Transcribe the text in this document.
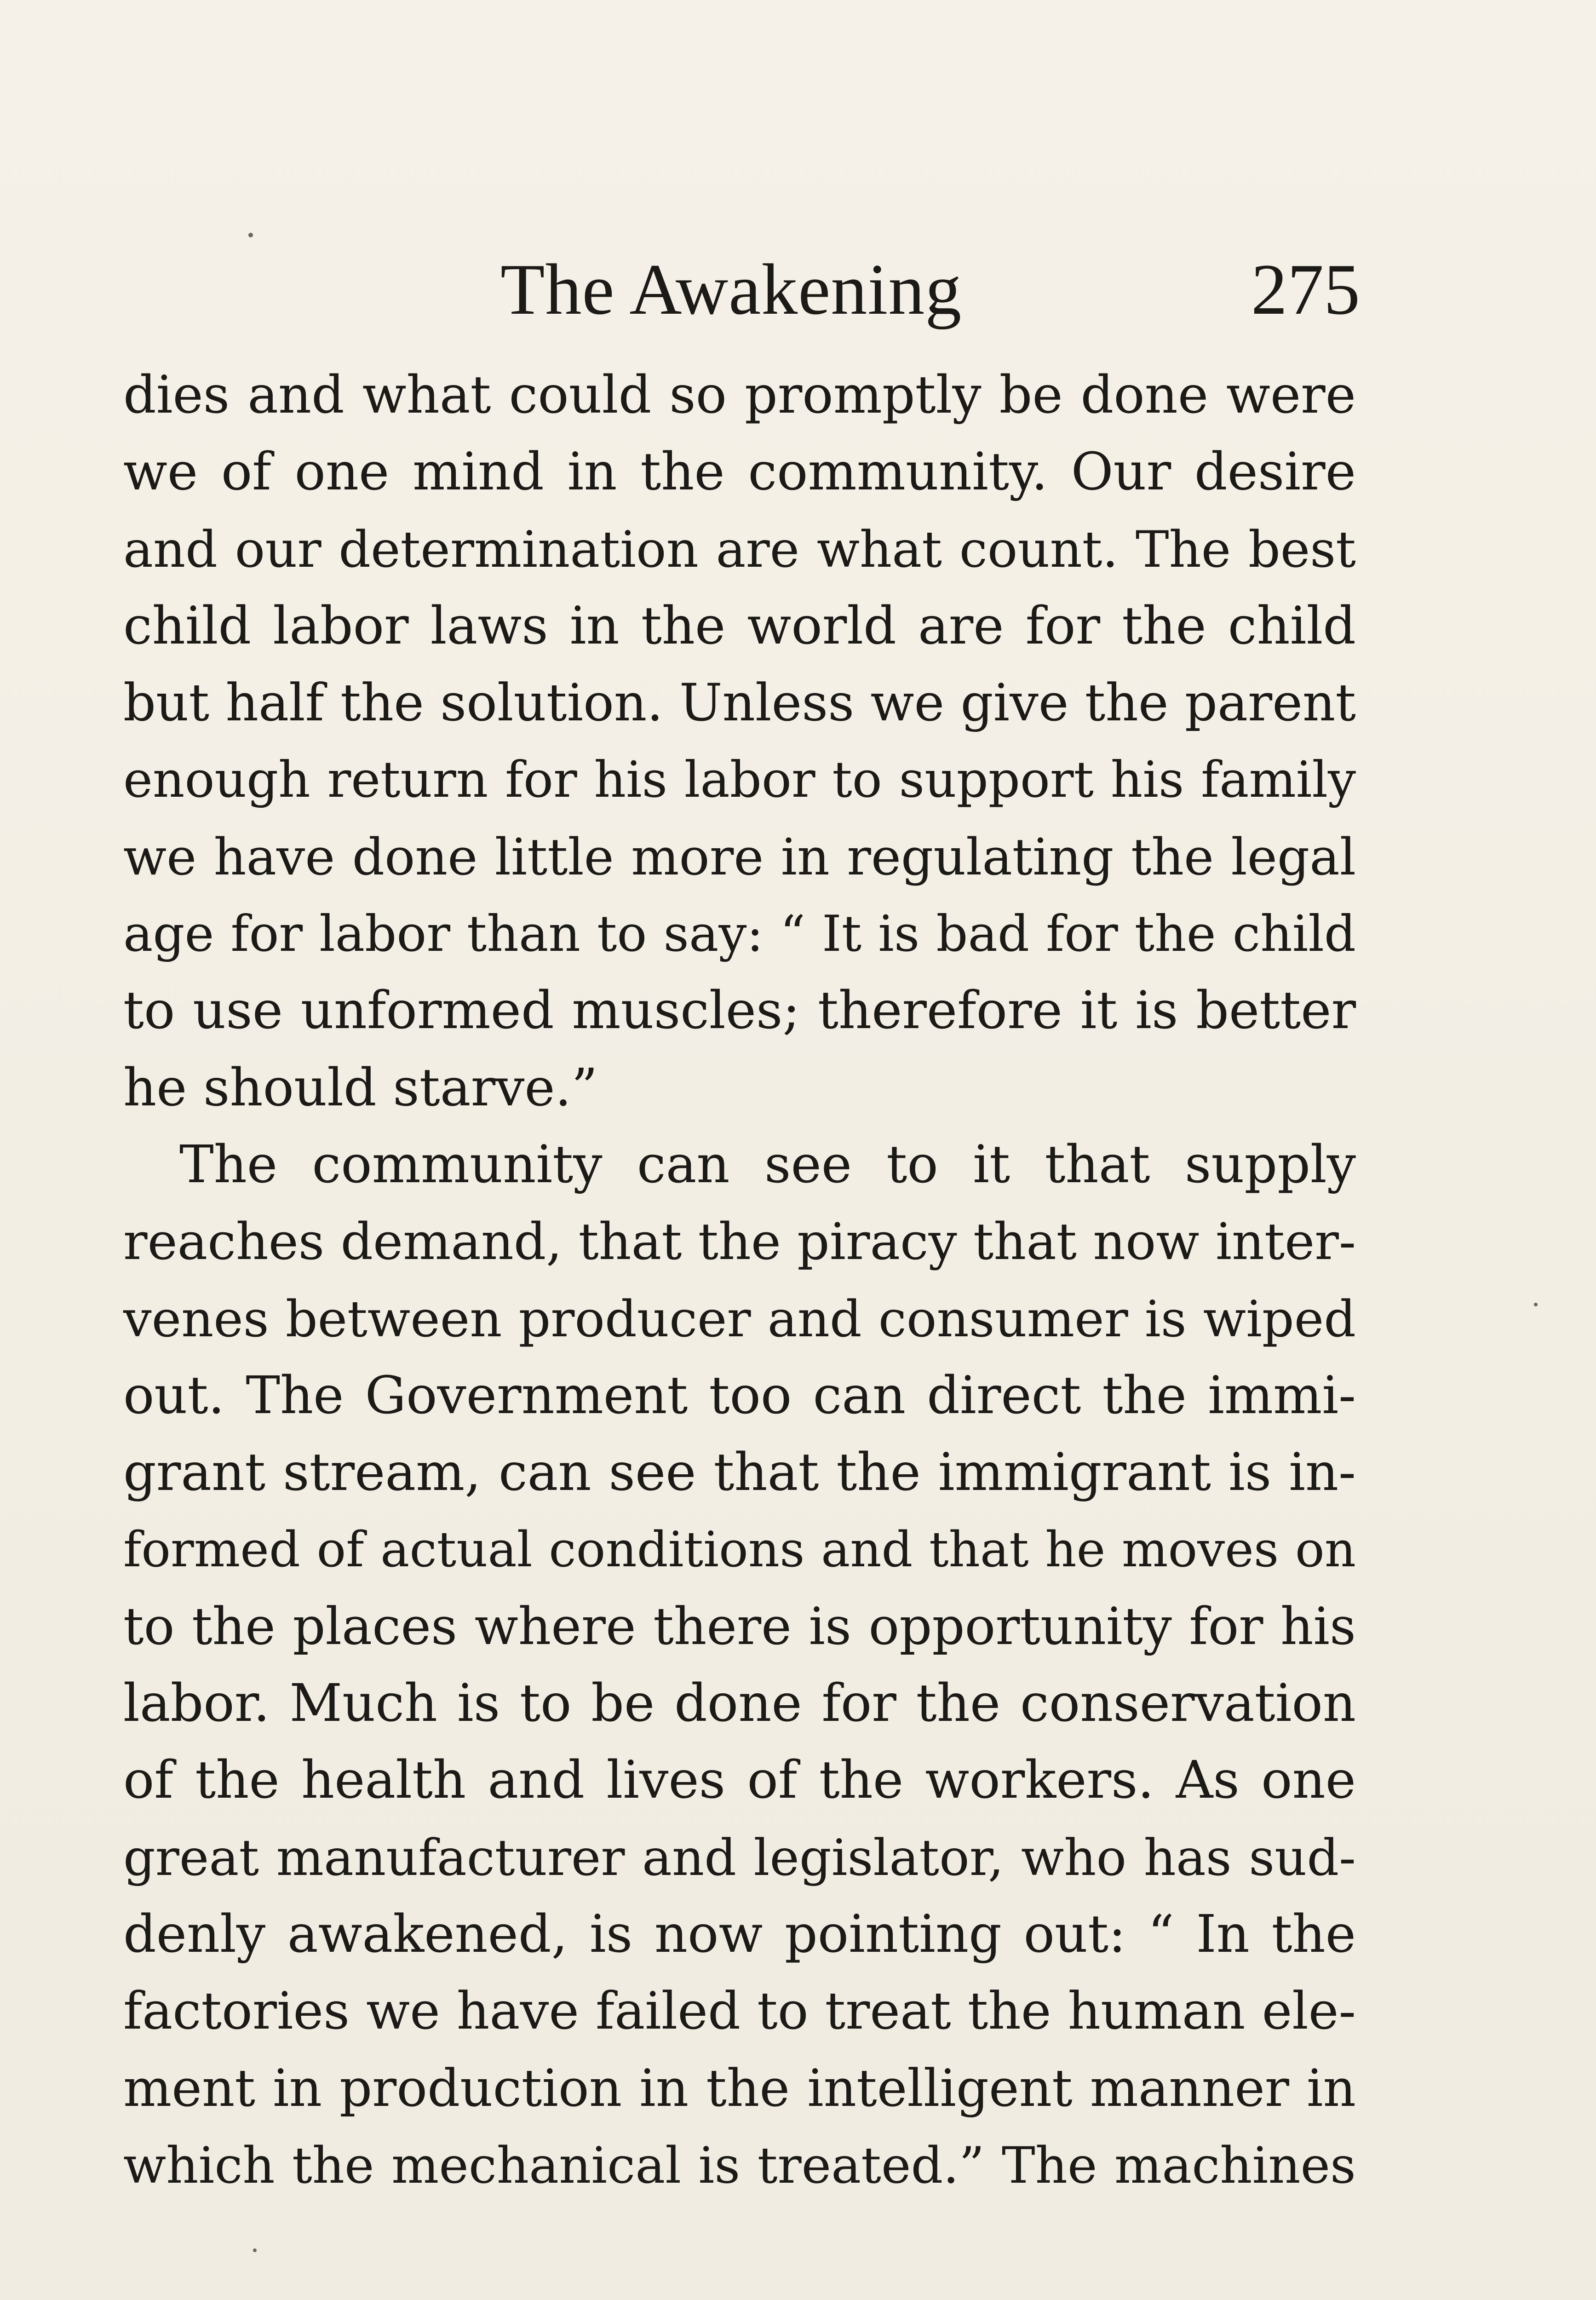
The Awakening	275
dies and what could so promptly be done were
we of one mind in the community. Our desire
and our determination are what count. The best
child labor laws in the world are for the child
but half the solution. Unless we give the parent
enough return for his labor to support his family
we have done little more in regulating the legal
age for labor than to say: “ It is bad for the child
to use unformed muscles; therefore it is better
he should starve.”
The community can see to it that supply
reaches demand, that the piracy that now inter-
venes between producer and consumer is wiped
out. The Government too can direct the immi-
grant stream, can see that the immigrant is in-
formed of actual conditions and that he moves on
to the places where there is opportunity for his
labor. Much is to be done for the conservation
of the health and lives of the workers. As one
great manufacturer and legislator, who has sud-
denly awakened, is now pointing out: “ In the
factories we have failed to treat the human ele-
ment in production in the intelligent manner in
which the mechanical is treated.” The machines
